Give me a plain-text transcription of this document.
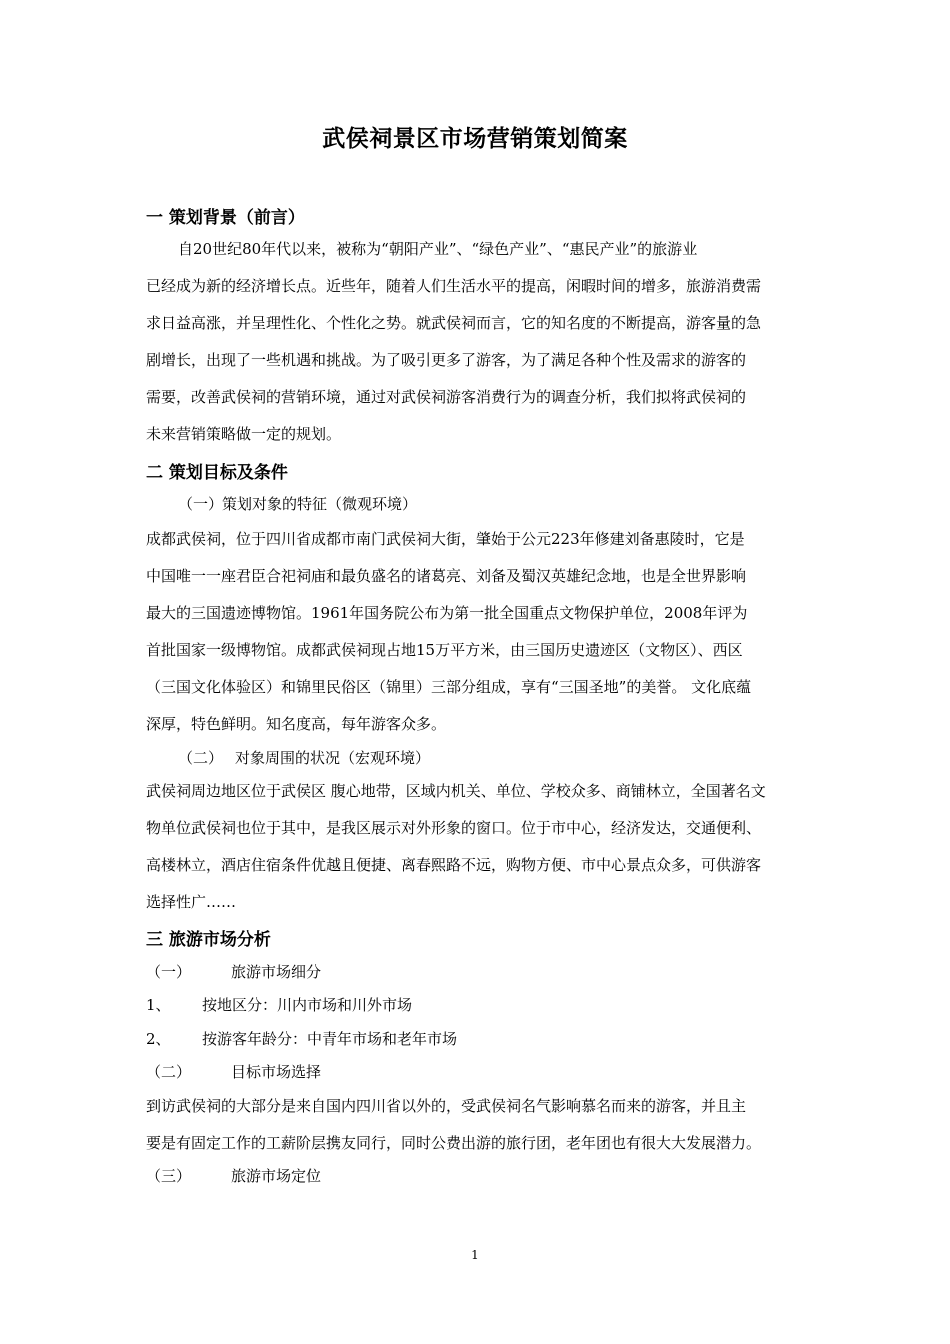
武侯祠景区市场营销策划简案
一 策划背景（前言）
自20世纪80年代以来，被称为“朝阳产业”、“绿色产业”、“惠民产业”的旅游业
已经成为新的经济增长点。近些年，随着人们生活水平的提高，闲暇时间的增多，旅游消费需
求日益高涨，并呈理性化、个性化之势。就武侯祠而言，它的知名度的不断提高，游客量的急
剧增长，出现了一些机遇和挑战。为了吸引更多了游客，为了满足各种个性及需求的游客的
需要，改善武侯祠的营销环境，通过对武侯祠游客消费行为的调查分析，我们拟将武侯祠的
未来营销策略做一定的规划。
二 策划目标及条件
（一）
策划对象的特征（微观环境）
成都武侯祠，位于四川省成都市南门武侯祠大街，肇始于公元223年修建刘备惠陵时，它是
中国唯一一座君臣合祀祠庙和最负盛名的诸葛亮、刘备及蜀汉英雄纪念地，也是全世界影响
最大的三国遗迹博物馆。1961年国务院公布为第一批全国重点文物保护单位，2008年评为
首批国家一级博物馆。成都武侯祠现占地15万平方米，由三国历史遗迹区（文物区）、西区
（三国文化体验区）和锦里民俗区（锦里）三部分组成，享有“三国圣地”的美誉。 文化底蕴
深厚，特色鲜明。知名度高，每年游客众多。
（二） 对象周围的状况（宏观环境）
武侯祠周边地区位于武侯区 腹心地带，区域内机关、单位、学校众多、商铺林立，全国著名文
物单位武侯祠也位于其中，是我区展示对外形象的窗口。位于市中心，经济发达，交通便利、
高楼林立，酒店住宿条件优越且便捷、离春熙路不远，购物方便、市中心景点众多，可供游客
选择性广……
三 旅游市场分析
（一）	旅游市场细分
1、 按地区分：川内市场和川外市场
2、 按游客年龄分：中青年市场和老年市场
（二）	目标市场选择
到访武侯祠的大部分是来自国内四川省以外的，受武侯祠名气影响慕名而来的游客，并且主
要是有固定工作的工薪阶层携友同行，同时公费出游的旅行团，老年团也有很大大发展潜力。
（三）	旅游市场定位
1
